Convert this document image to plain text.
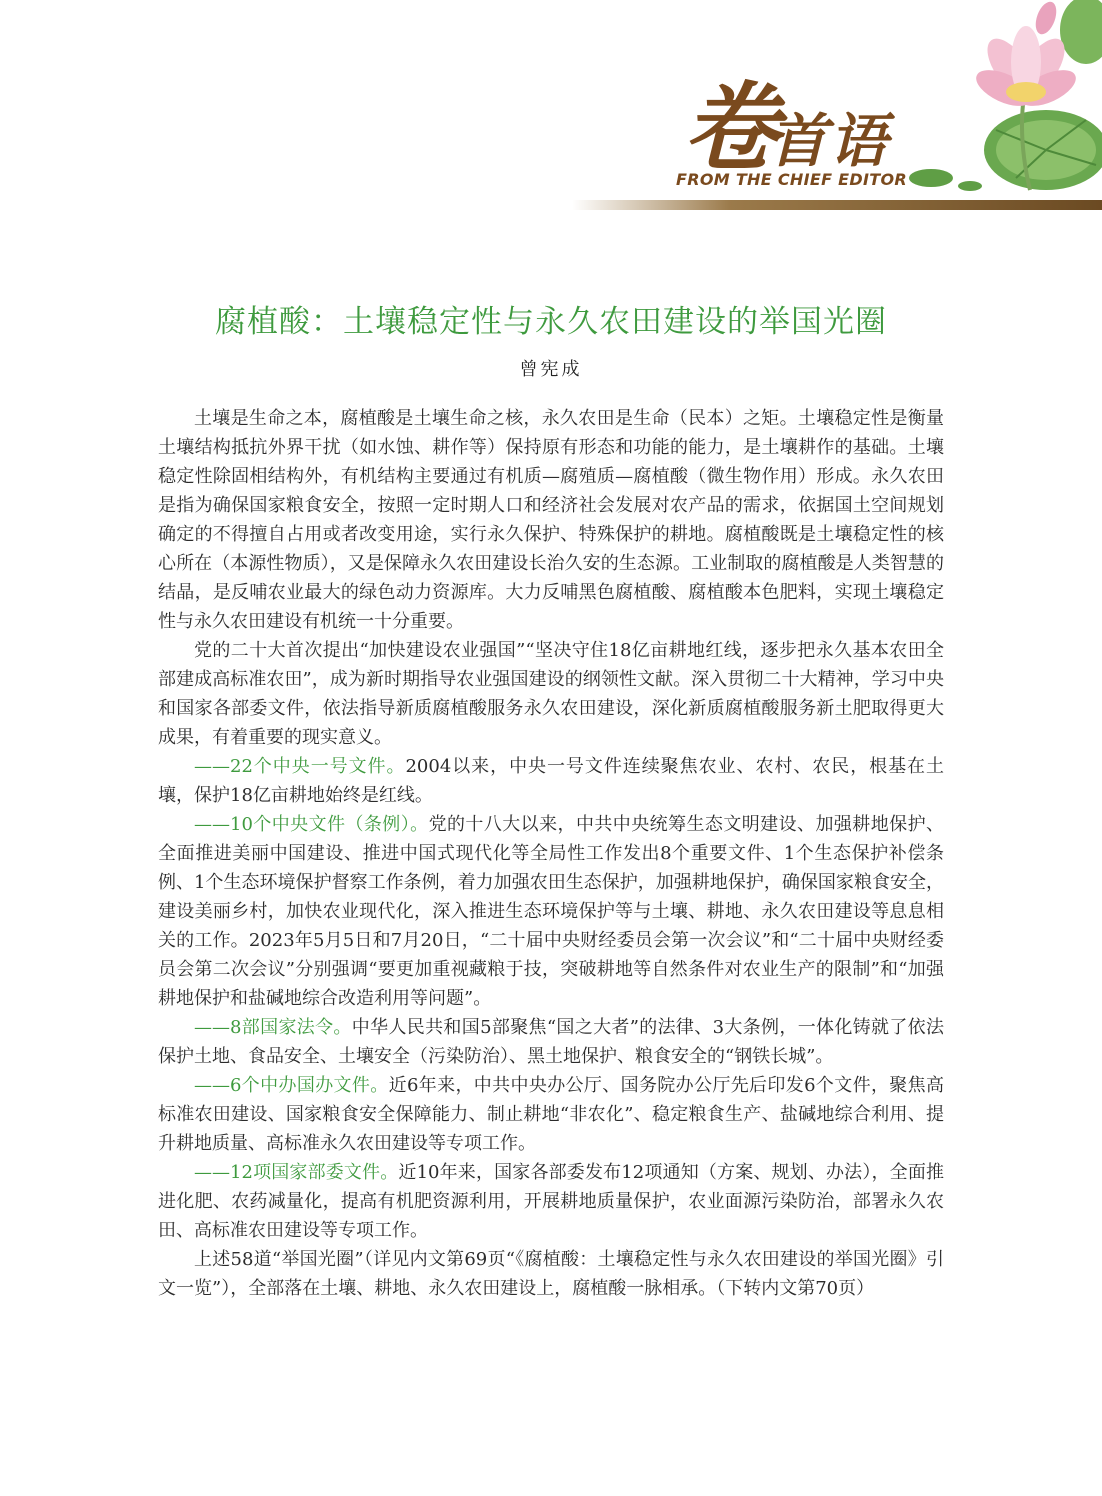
卷首语
FROM THE CHIEF EDITOR
腐植酸：土壤稳定性与永久农田建设的举国光圈
曾宪成

土壤是生命之本，腐植酸是土壤生命之核，永久农田是生命（民本）之矩。土壤稳定性是衡量土壤结构抵抗外界干扰（如水蚀、耕作等）保持原有形态和功能的能力，是土壤耕作的基础。土壤稳定性除固相结构外，有机结构主要通过有机质—腐殖质—腐植酸（微生物作用）形成。永久农田是指为确保国家粮食安全，按照一定时期人口和经济社会发展对农产品的需求，依据国土空间规划确定的不得擅自占用或者改变用途，实行永久保护、特殊保护的耕地。腐植酸既是土壤稳定性的核心所在（本源性物质），又是保障永久农田建设长治久安的生态源。工业制取的腐植酸是人类智慧的结晶，是反哺农业最大的绿色动力资源库。大力反哺黑色腐植酸、腐植酸本色肥料，实现土壤稳定性与永久农田建设有机统一十分重要。

党的二十大首次提出“加快建设农业强国”“坚决守住18亿亩耕地红线，逐步把永久基本农田全部建成高标准农田”，成为新时期指导农业强国建设的纲领性文献。深入贯彻二十大精神，学习中央和国家各部委文件，依法指导新质腐植酸服务永久农田建设，深化新质腐植酸服务新土肥取得更大成果，有着重要的现实意义。

——22个中央一号文件。2004以来，中央一号文件连续聚焦农业、农村、农民，根基在土壤，保护18亿亩耕地始终是红线。

——10个中央文件（条例）。党的十八大以来，中共中央统筹生态文明建设、加强耕地保护、全面推进美丽中国建设、推进中国式现代化等全局性工作发出8个重要文件、1个生态保护补偿条例、1个生态环境保护督察工作条例，着力加强农田生态保护，加强耕地保护，确保国家粮食安全，建设美丽乡村，加快农业现代化，深入推进生态环境保护等与土壤、耕地、永久农田建设等息息相关的工作。2023年5月5日和7月20日，“二十届中央财经委员会第一次会议”和“二十届中央财经委员会第二次会议”分别强调“要更加重视藏粮于技，突破耕地等自然条件对农业生产的限制”和“加强耕地保护和盐碱地综合改造利用等问题”。

——8部国家法令。中华人民共和国5部聚焦“国之大者”的法律、3大条例，一体化铸就了依法保护土地、食品安全、土壤安全（污染防治）、黑土地保护、粮食安全的“钢铁长城”。

——6个中办国办文件。近6年来，中共中央办公厅、国务院办公厅先后印发6个文件，聚焦高标准农田建设、国家粮食安全保障能力、制止耕地“非农化”、稳定粮食生产、盐碱地综合利用、提升耕地质量、高标准永久农田建设等专项工作。

——12项国家部委文件。近10年来，国家各部委发布12项通知（方案、规划、办法），全面推进化肥、农药减量化，提高有机肥资源利用，开展耕地质量保护，农业面源污染防治，部署永久农田、高标准农田建设等专项工作。

上述58道“举国光圈”（详见内文第69页“《腐植酸：土壤稳定性与永久农田建设的举国光圈》引文一览”），全部落在土壤、耕地、永久农田建设上，腐植酸一脉相承。（下转内文第70页）
